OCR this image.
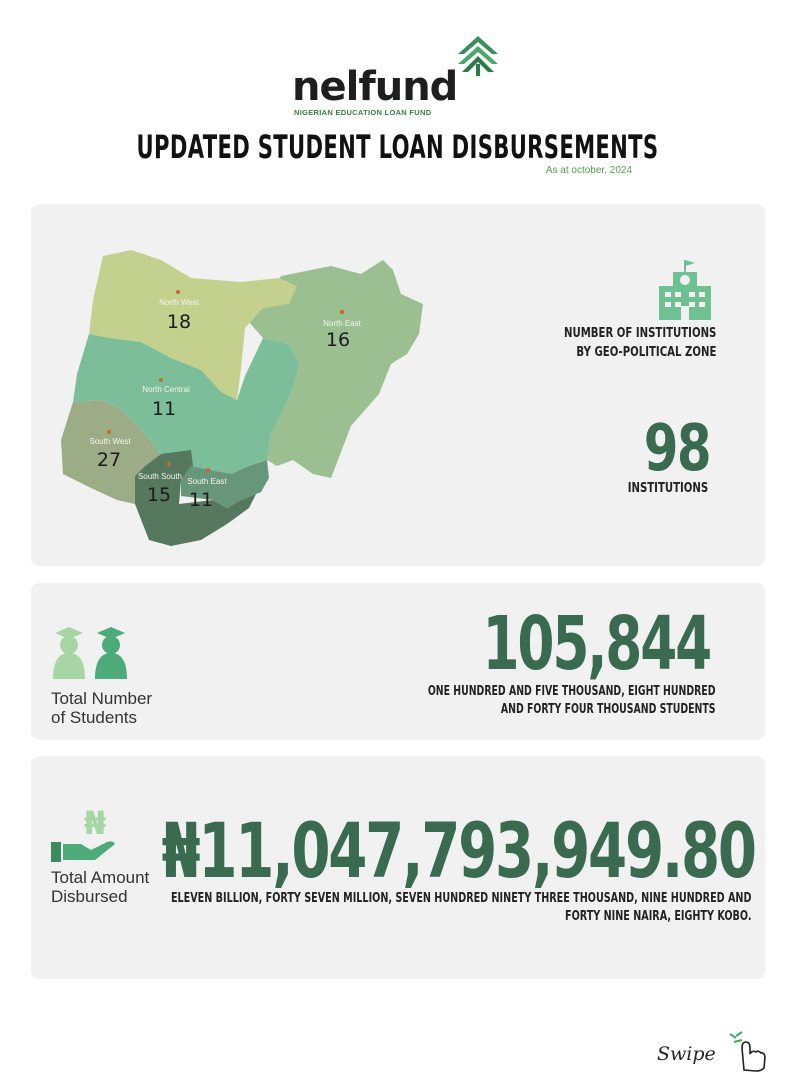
nelfund
NIGERIAN EDUCATION LOAN FUND
UPDATED STUDENT LOAN DISBURSEMENTS
As at october, 2024
North West
18	North East
16
North Central
11
South West
27
South South
15
South East
11
NUMBER OF INSTITUTIONS
BY GEO-POLITICAL ZONE
98
INSTITUTIONS
Total Number
of Students
105,844
ONE HUNDRED AND FIVE THOUSAND, EIGHT HUNDRED
AND FORTY FOUR THOUSAND STUDENTS
₦
Total Amount
Disbursed
₦11,047,793,949.80
ELEVEN BILLION, FORTY SEVEN MILLION, SEVEN HUNDRED NINETY THREE THOUSAND, NINE HUNDRED AND
FORTY NINE NAIRA, EIGHTY KOBO.
Swipe
